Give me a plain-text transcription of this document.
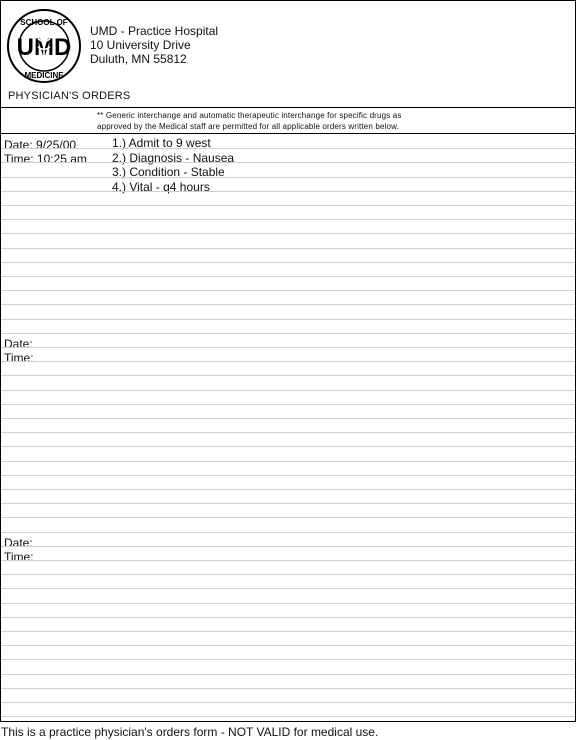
SCHOOL OF
UMD
MEDICINE
UMD - Practice Hospital
10 University Drive
Duluth, MN 55812
PHYSICIAN'S ORDERS
** Generic interchange and automatic therapeutic interchange for specific drugs as
approved by the Medical staff are permitted for all applicable orders written below.
Date: 9/25/00
Time: 10:25 am
1.) Admit to 9 west
2.) Diagnosis - Nausea
3.) Condition - Stable
4.) Vital - q4 hours
Date:
Time:
Date:
Time:
This is a practice physician's orders form - NOT VALID for medical use.
